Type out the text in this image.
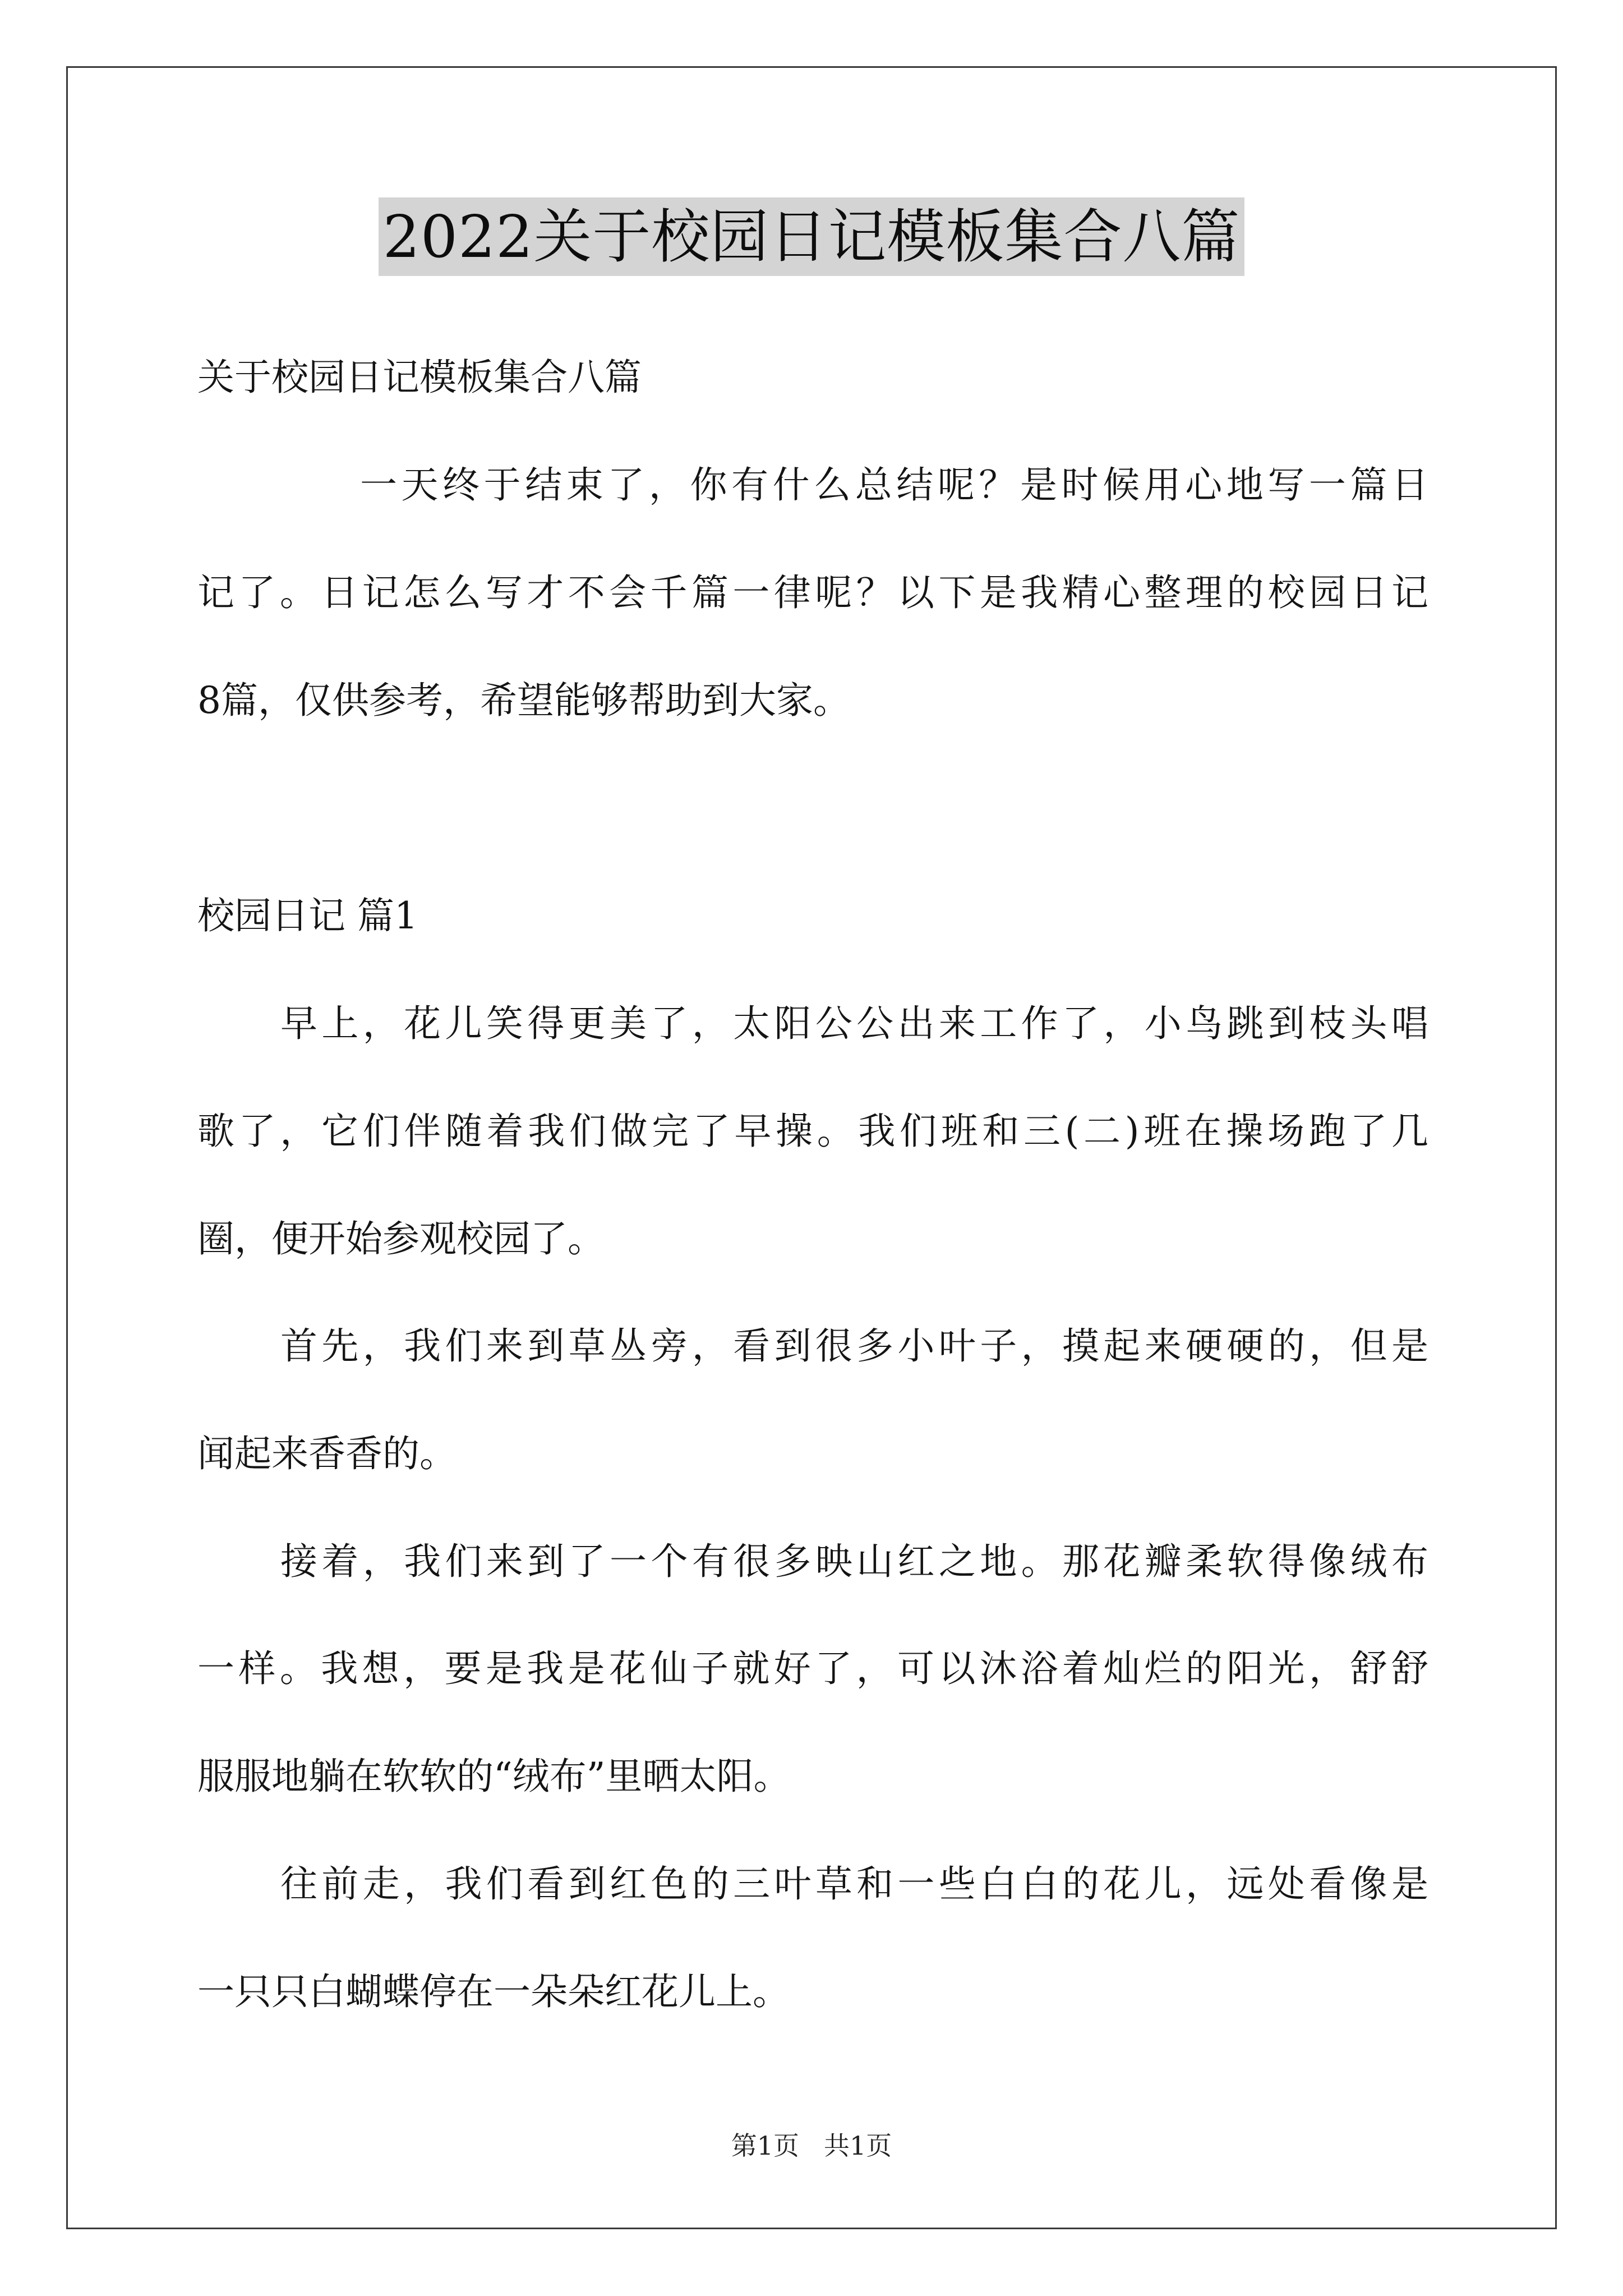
2022关于校园日记模板集合八篇
关于校园日记模板集合八篇
一天终于结束了，你有什么总结呢？是时候用心地写一篇日
记了。日记怎么写才不会千篇一律呢？以下是我精心整理的校园日记
8篇，仅供参考，希望能够帮助到大家。
校园日记 篇1
早上，花儿笑得更美了，太阳公公出来工作了，小鸟跳到枝头唱
歌了，它们伴随着我们做完了早操。我们班和三(二)班在操场跑了几
圈，便开始参观校园了。
首先，我们来到草丛旁，看到很多小叶子，摸起来硬硬的，但是
闻起来香香的。
接着，我们来到了一个有很多映山红之地。那花瓣柔软得像绒布
一样。我想，要是我是花仙子就好了，可以沐浴着灿烂的阳光，舒舒
服服地躺在软软的“绒布”里晒太阳。
往前走，我们看到红色的三叶草和一些白白的花儿，远处看像是
一只只白蝴蝶停在一朵朵红花儿上。
第1页 共1页
